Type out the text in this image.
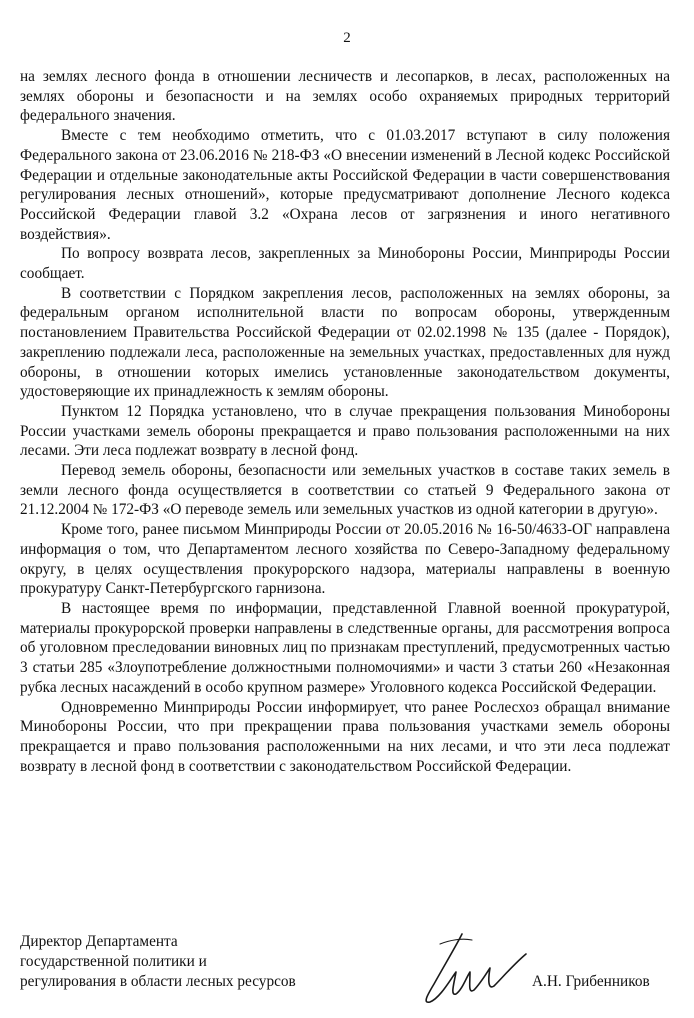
2

на землях лесного фонда в отношении лесничеств и лесопарков, в лесах, расположенных на землях обороны и безопасности и на землях особо охраняемых природных территорий федерального значения.

Вместе с тем необходимо отметить, что с 01.03.2017 вступают в силу положения Федерального закона от 23.06.2016 № 218-ФЗ «О внесении изменений в Лесной кодекс Российской Федерации и отдельные законодательные акты Российской Федерации в части совершенствования регулирования лесных отношений», которые предусматривают дополнение Лесного кодекса Российской Федерации главой 3.2 «Охрана лесов от загрязнения и иного негативного воздействия».

По вопросу возврата лесов, закрепленных за Минобороны России, Минприроды России сообщает.

В соответствии с Порядком закрепления лесов, расположенных на землях обороны, за федеральным органом исполнительной власти по вопросам обороны, утвержденным постановлением Правительства Российской Федерации от 02.02.1998 № 135 (далее - Порядок), закреплению подлежали леса, расположенные на земельных участках, предоставленных для нужд обороны, в отношении которых имелись установленные законодательством документы, удостоверяющие их принадлежность к землям обороны.

Пунктом 12 Порядка установлено, что в случае прекращения пользования Минобороны России участками земель обороны прекращается и право пользования расположенными на них лесами. Эти леса подлежат возврату в лесной фонд.

Перевод земель обороны, безопасности или земельных участков в составе таких земель в земли лесного фонда осуществляется в соответствии со статьей 9 Федерального закона от 21.12.2004 № 172-ФЗ «О переводе земель или земельных участков из одной категории в другую».

Кроме того, ранее письмом Минприроды России от 20.05.2016 № 16-50/4633-ОГ направлена информация о том, что Департаментом лесного хозяйства по Северо-Западному федеральному округу, в целях осуществления прокурорского надзора, материалы направлены в военную прокуратуру Санкт-Петербургского гарнизона.

В настоящее время по информации, представленной Главной военной прокуратурой, материалы прокурорской проверки направлены в следственные органы, для рассмотрения вопроса об уголовном преследовании виновных лиц по признакам преступлений, предусмотренных частью 3 статьи 285 «Злоупотребление должностными полномочиями» и части 3 статьи 260 «Незаконная рубка лесных насаждений в особо крупном размере» Уголовного кодекса Российской Федерации.

Одновременно Минприроды России информирует, что ранее Рослесхоз обращал внимание Минобороны России, что при прекращении права пользования участками земель обороны прекращается и право пользования расположенными на них лесами, и что эти леса подлежат возврату в лесной фонд в соответствии с законодательством Российской Федерации.

Директор Департамента
государственной политики и
регулирования в области лесных ресурсов	А.Н. Грибенников
